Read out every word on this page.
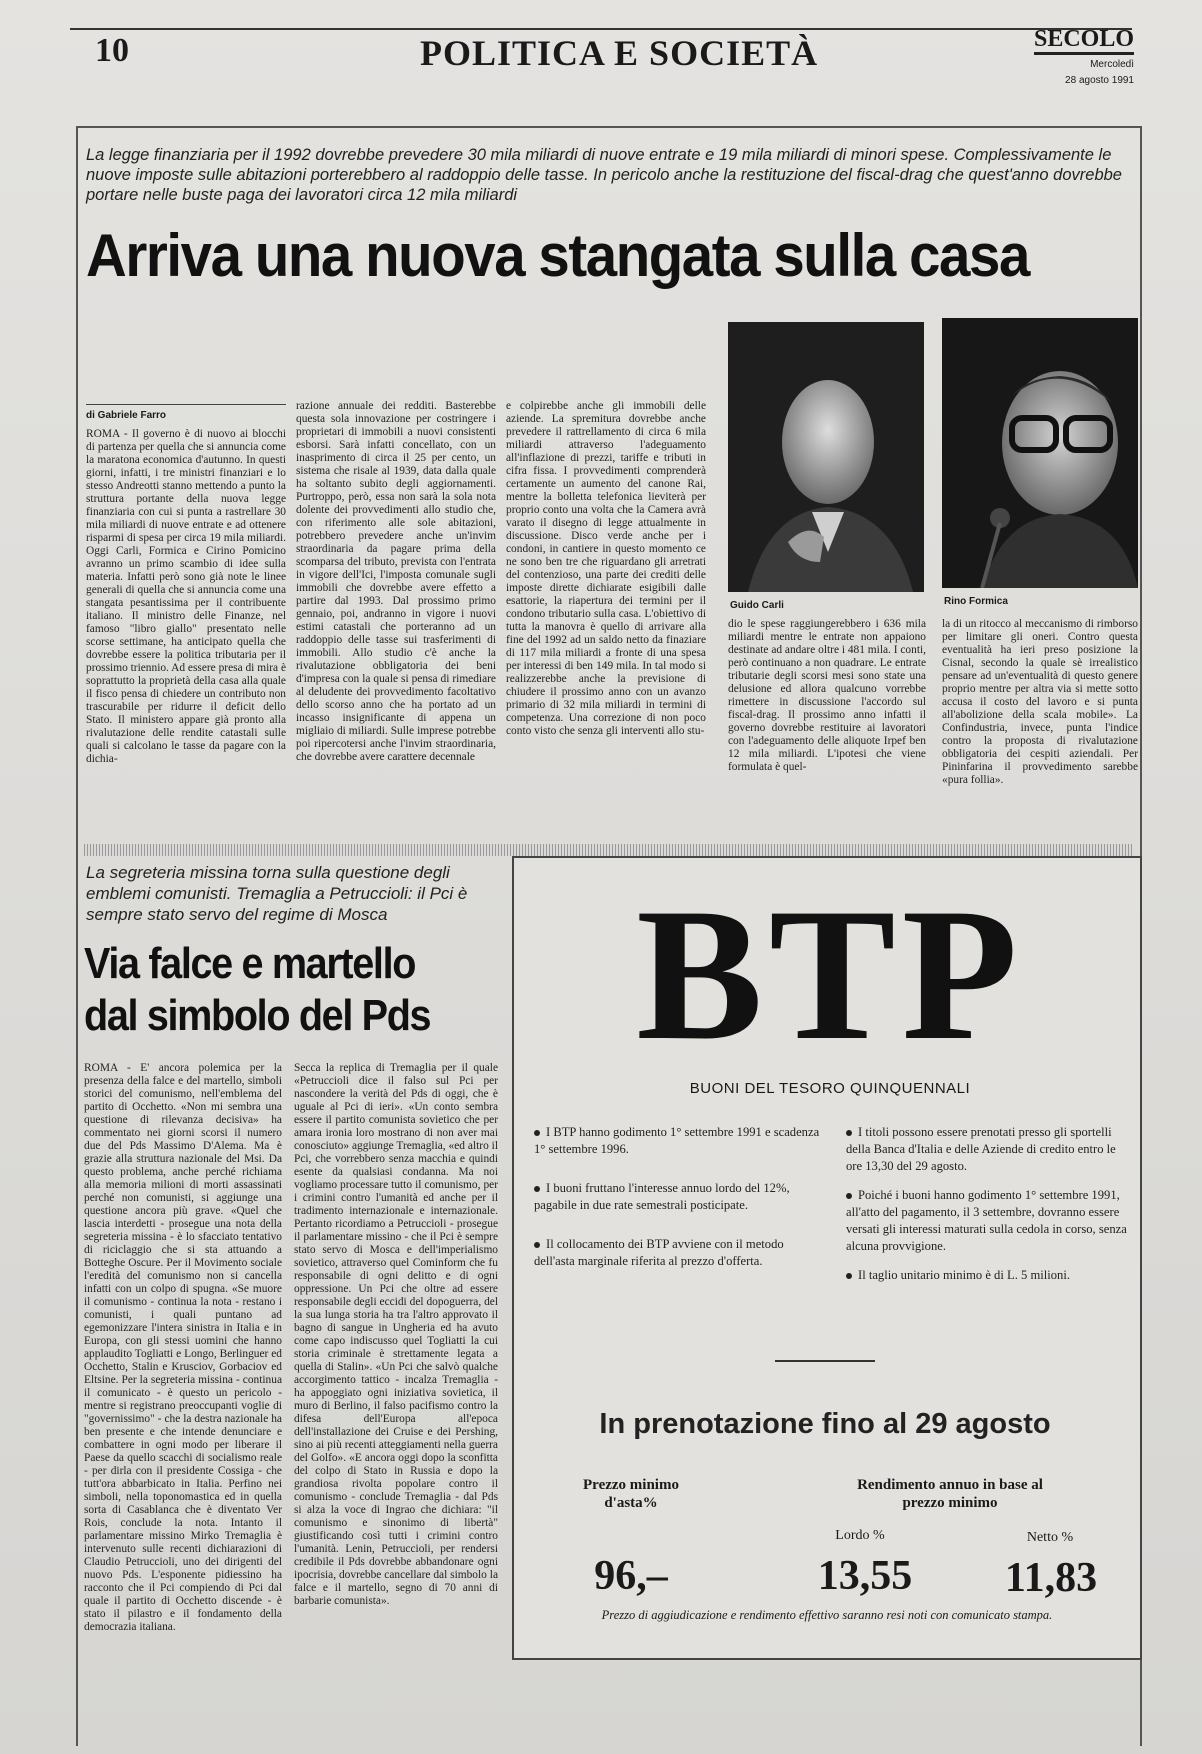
10	POLITICA E SOCIETÀ	SECOLO
Mercoledì
28 agosto 1991
La legge finanziaria per il 1992 dovrebbe prevedere 30 mila miliardi di nuove entrate e 19 mila miliardi di minori spese. Complessivamente le nuove imposte sulle abitazioni porterebbero al raddoppio delle tasse. In pericolo anche la restituzione del fiscal-drag che quest'anno dovrebbe portare nelle buste paga dei lavoratori circa 12 mila miliardi
Arriva una nuova stangata sulla casa
di Gabriele Farro
ROMA - Il governo è di nuovo ai blocchi di partenza per quella che si annuncia come la maratona economica d'autunno. In questi giorni, infatti, i tre ministri finanziari e lo stesso Andreotti stanno mettendo a punto la struttura portante della nuova legge finanziaria con cui si punta a rastrellare 30 mila miliardi di nuove entrate e ad ottenere risparmi di spesa per circa 19 mila miliardi. Oggi Carli, Formica e Cirino Pomicino avranno un primo scambio di idee sulla materia. Infatti però sono già note le linee generali di quella che si annuncia come una stangata pesantissima per il contribuente italiano. Il ministro delle Finanze, nel famoso "libro giallo" presentato nelle scorse settimane, ha anticipato quella che dovrebbe essere la politica tributaria per il prossimo triennio. Ad essere presa di mira è soprattutto la proprietà della casa alla quale il fisco pensa di chiedere un contributo non trascurabile per ridurre il deficit dello Stato. Il ministero appare già pronto alla rivalutazione delle rendite catastali sulle quali si calcolano le tasse da pagare con la dichia-
razione annuale dei redditi. Basterebbe questa sola innovazione per costringere i proprietari di immobili a nuovi consistenti esborsi. Sarà infatti concellato, con un inasprimento di circa il 25 per cento, un sistema che risale al 1939, data dalla quale ha soltanto subito degli aggiornamenti. Purtroppo, però, essa non sarà la sola nota dolente dei provvedimenti allo studio che, con riferimento alle sole abitazioni, potrebbero prevedere anche un'invim straordinaria da pagare prima della scomparsa del tributo, prevista con l'entrata in vigore dell'Ici, l'imposta comunale sugli immobili che dovrebbe avere effetto a partire dal 1993. Dal prossimo primo gennaio, poi, andranno in vigore i nuovi estimi catastali che porteranno ad un raddoppio delle tasse sui trasferimenti di immobili. Allo studio c'è anche la rivalutazione obbligatoria dei beni d'impresa con la quale si pensa di rimediare al deludente dei provvedimento facoltativo dello scorso anno che ha portato ad un incasso insignificante di appena un migliaio di miliardi. Sulle imprese potrebbe poi ripercotersi anche l'invim straordinaria, che dovrebbe avere carattere decennale
e colpirebbe anche gli immobili delle aziende. La spremitura dovrebbe anche prevedere il rattrellamento di circa 6 mila miliardi attraverso l'adeguamento all'inflazione di prezzi, tariffe e tributi in cifra fissa. I provvedimenti comprenderà certamente un aumento del canone Rai, mentre la bolletta telefonica lieviterà per proprio conto una volta che la Camera avrà varato il disegno di legge attualmente in discussione. Disco verde anche per i condoni, in cantiere in questo momento ce ne sono ben tre che riguardano gli arretrati del contenzioso, una parte dei crediti delle imposte dirette dichiarate esigibili dalle esattorie, la riapertura dei termini per il condono tributario sulla casa. L'obiettivo di tutta la manovra è quello di arrivare alla fine del 1992 ad un saldo netto da finaziare di 117 mila miliardi a fronte di una spesa per interessi di ben 149 mila. In tal modo si realizzerebbe anche la previsione di chiudere il prossimo anno con un avanzo primario di 32 mila miliardi in termini di competenza. Una correzione di non poco conto visto che senza gli interventi allo stu-
Guido Carli	Rino Formica
dio le spese raggiungerebbero i 636 mila miliardi mentre le entrate non appaiono destinate ad andare oltre i 481 mila. I conti, però continuano a non quadrare. Le entrate tributarie degli scorsi mesi sono state una delusione ed allora qualcuno vorrebbe rimettere in discussione l'accordo sul fiscal-drag. Il prossimo anno infatti il governo dovrebbe restituire ai lavoratori con l'adeguamento delle aliquote Irpef ben 12 mila miliardi. L'ipotesi che viene formulata è quel-
la di un ritocco al meccanismo di rimborso per limitare gli oneri. Contro questa eventualità ha ieri preso posizione la Cisnal, secondo la quale sè irrealistico pensare ad un'eventualità di questo genere proprio mentre per altra via si mette sotto accusa il costo del lavoro e si punta all'abolizione della scala mobile». La Confindustria, invece, punta l'indice contro la proposta di rivalutazione obbligatoria dei cespiti aziendali. Per Pininfarina il provvedimento sarebbe «pura follia».
La segreteria missina torna sulla questione degli emblemi comunisti. Tremaglia a Petruccioli: il Pci è sempre stato servo del regime di Mosca
Via falce e martello dal simbolo del Pds
ROMA - E' ancora polemica per la presenza della falce e del martello, simboli storici del comunismo, nell'emblema del partito di Occhetto. «Non mi sembra una questione di rilevanza decisiva» ha commentato nei giorni scorsi il numero due del Pds Massimo D'Alema. Ma è grazie alla struttura nazionale del Msi. Da questo problema, anche perché richiama alla memoria milioni di morti assassinati perché non comunisti, si aggiunge una questione ancora più grave. «Quel che lascia interdetti - prosegue una nota della segreteria missina - è lo sfacciato tentativo di riciclaggio che si sta attuando a Botteghe Oscure. Per il Movimento sociale l'eredità del comunismo non si cancella infatti con un colpo di spugna. «Se muore il comunismo - continua la nota - restano i comunisti, i quali puntano ad egemonizzare l'intera sinistra in Italia e in Europa, con gli stessi uomini che hanno applaudito Togliatti e Longo, Berlinguer ed Occhetto, Stalin e Krusciov, Gorbaciov ed Eltsine. Per la segreteria missina - continua il comunicato - è questo un pericolo - mentre si registrano preoccupanti voglie di "governissimo" - che la destra nazionale ha ben presente e che intende denunciare e combattere in ogni modo per liberare il Paese da quello scacchi di socialismo reale - per dirla con il presidente Cossiga - che tutt'ora abbarbicato in Italia. Perfino nei simboli, nella toponomastica ed in quella sorta di Casablanca che è diventato Ver Rois, conclude la nota. Intanto il parlamentare missino Mirko Tremaglia è intervenuto sulle recenti dichiarazioni di Claudio Petruccioli, uno dei dirigenti del nuovo Pds. L'esponente pidiessino ha racconto che il Pci compiendo di Pci dal quale il partito di Occhetto discende - è stato il pilastro e il fondamento della democrazia italiana.
Secca la replica di Tremaglia per il quale «Petruccioli dice il falso sul Pci per nascondere la verità del Pds di oggi, che è uguale al Pci di ieri». «Un conto sembra essere il partito comunista sovietico che per amara ironia loro mostrano di non aver mai conosciuto» aggiunge Tremaglia, «ed altro il Pci, che vorrebbero senza macchia e quindi esente da qualsiasi condanna. Ma noi vogliamo processare tutto il comunismo, per i crimini contro l'umanità ed anche per il tradimento internazionale e internazionale. Pertanto ricordiamo a Petruccioli - prosegue il parlamentare missino - che il Pci è sempre stato servo di Mosca e dell'imperialismo sovietico, attraverso quel Cominform che fu responsabile di ogni delitto e di ogni oppressione. Un Pci che oltre ad essere responsabile degli eccidi del dopoguerra, del la sua lunga storia ha tra l'altro approvato il bagno di sangue in Ungheria ed ha avuto come capo indiscusso quel Togliatti la cui storia criminale è strettamente legata a quella di Stalin». «Un Pci che salvò qualche accorgimento tattico - incalza Tremaglia - ha appoggiato ogni iniziativa sovietica, il muro di Berlino, il falso pacifismo contro la difesa dell'Europa all'epoca dell'installazione dei Cruise e dei Pershing, sino ai più recenti atteggiamenti nella guerra del Golfo». «E ancora oggi dopo la sconfitta del colpo di Stato in Russia e dopo la grandiosa rivolta popolare contro il comunismo - conclude Tremaglia - dal Pds si alza la voce di Ingrao che dichiara: "il comunismo e sinonimo di libertà" giustificando così tutti i crimini contro l'umanità. Lenin, Petruccioli, per rendersi credibile il Pds dovrebbe abbandonare ogni ipocrisia, dovrebbe cancellare dal simbolo la falce e il martello, segno di 70 anni di barbarie comunista».
BTP
BUONI DEL TESORO QUINQUENNALI
I BTP hanno godimento 1° settembre 1991 e scadenza 1° settembre 1996.
I buoni fruttano l'interesse annuo lordo del 12%, pagabile in due rate semestrali posticipate.
Il collocamento dei BTP avviene con il metodo dell'asta marginale riferita al prezzo d'offerta.
I titoli possono essere prenotati presso gli sportelli della Banca d'Italia e delle Aziende di credito entro le ore 13,30 del 29 agosto.
Poiché i buoni hanno godimento 1° settembre 1991, all'atto del pagamento, il 3 settembre, dovranno essere versati gli interessi maturati sulla cedola in corso, senza alcuna provvigione.
Il taglio unitario minimo è di L. 5 milioni.
In prenotazione fino al 29 agosto
Prezzo minimo d'asta%
Rendimento annuo in base al prezzo minimo
Lordo %	Netto %
96,–	13,55	11,83
Prezzo di aggiudicazione e rendimento effettivo saranno resi noti con comunicato stampa.
